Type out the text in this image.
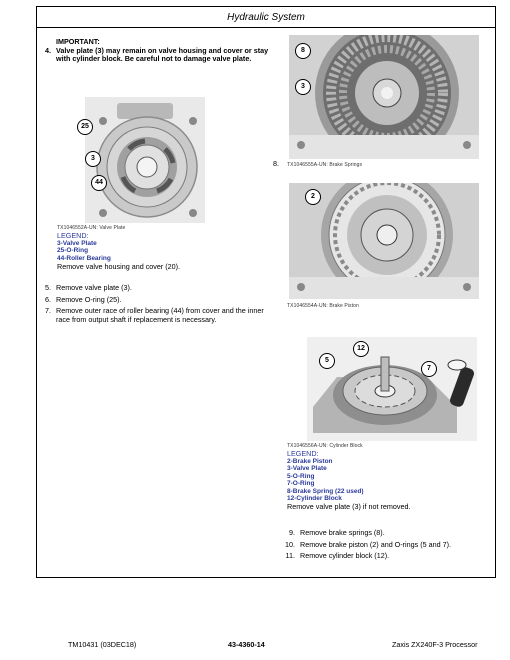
Hydraulic System
IMPORTANT:
4. Valve plate (3) may remain on valve housing and cover or stay with cylinder block. Be careful not to damage valve plate.
25
3
44
TX1046552A-UN: Valve Plate
LEGEND:
3-Valve Plate
25-O-Ring
44-Roller Bearing
Remove valve housing and cover (20).
5. Remove valve plate (3).
6. Remove O-ring (25).
7. Remove outer race of roller bearing (44) from cover and the inner race from output shaft if replacement is necessary.
8
3
8.	TX1046555A-UN: Brake Springs
2
TX1046554A-UN: Brake Piston
12
5
7
TX1046556A-UN: Cylinder Block
LEGEND:
2-Brake Piston
3-Valve Plate
5-O-Ring
7-O-Ring
8-Brake Spring (22 used)
12-Cylinder Block
Remove valve plate (3) if not removed.
9. Remove brake springs (8).
10. Remove brake piston (2) and O-rings (5 and 7).
11. Remove cylinder block (12).
TM10431 (03DEC18)	43-4360-14	Zaxis ZX240F-3 Processor
